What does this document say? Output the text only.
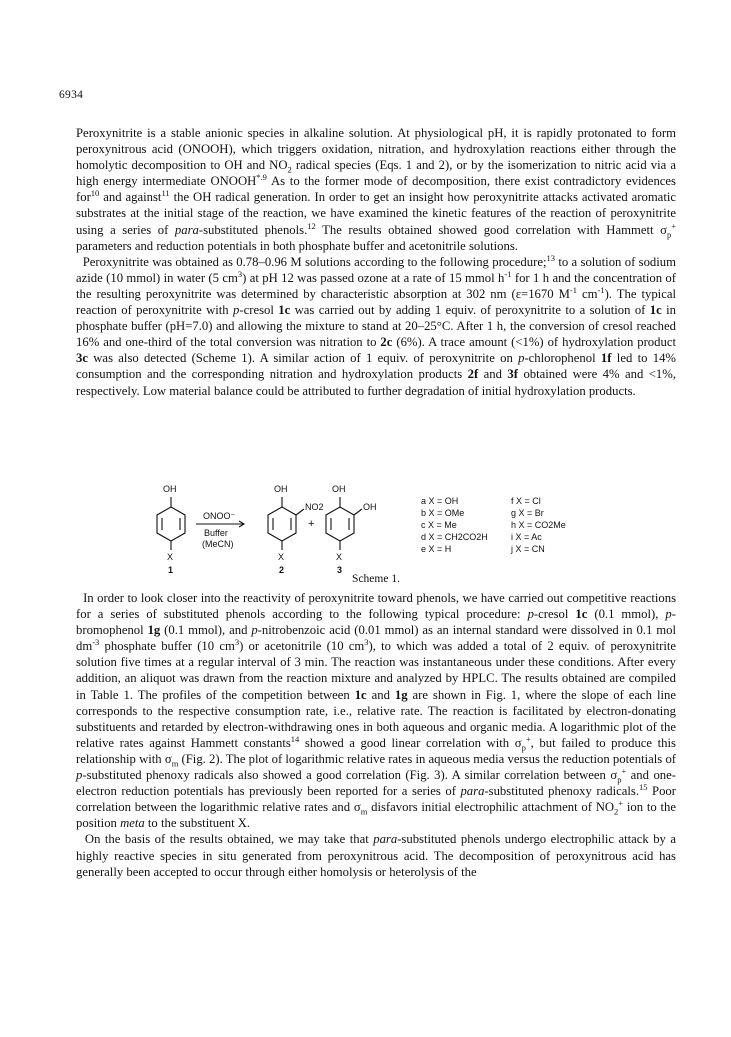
6934

Peroxynitrite is a stable anionic species in alkaline solution. At physiological pH, it is rapidly protonated to form peroxynitrous acid (ONOOH), which triggers oxidation, nitration, and hydroxylation reactions either through the homolytic decomposition to OH and $NO_2$ radical species (Eqs. 1 and 2), or by the isomerization to nitric acid via a high energy intermediate $ONOOH^{*.9}$ As to the former mode of decomposition, there exist contradictory evidences for$^{10}$ and against$^{11}$ the OH radical generation. In order to get an insight how peroxynitrite attacks activated aromatic substrates at the initial stage of the reaction, we have examined the kinetic features of the reaction of peroxynitrite using a series of para-substituted phenols.$^{12}$ The results obtained showed good correlation with Hammett $\sigma_p^+$ parameters and reduction potentials in both phosphate buffer and acetonitrile solutions.

Peroxynitrite was obtained as 0.78–0.96 M solutions according to the following procedure;$^{13}$ to a solution of sodium azide (10 mmol) in water (5 $cm^3$) at pH 12 was passed ozone at a rate of 15 mmol $h^{-1}$ for 1 h and the concentration of the resulting peroxynitrite was determined by characteristic absorption at 302 nm (ε=1670 $M^{-1}$ $cm^{-1}$). The typical reaction of peroxynitrite with p-cresol 1c was carried out by adding 1 equiv. of peroxynitrite to a solution of 1c in phosphate buffer (pH=7.0) and allowing the mixture to stand at 20–25°C. After 1 h, the conversion of cresol reached 16% and one-third of the total conversion was nitration to 2c (6%). A trace amount (<1%) of hydroxylation product 3c was also detected (Scheme 1). A similar action of 1 equiv. of peroxynitrite on p-chlorophenol 1f led to 14% consumption and the corresponding nitration and hydroxylation products 2f and 3f obtained were 4% and <1%, respectively. Low material balance could be attributed to further degradation of initial hydroxylation products.

OH	OH	OH
OH
NO2
ONOO⁻
Buffer
(MeCN)
+
X	X	X
1	2	3
a X = OH
b X = OMe
c X = Me
d X = CH2CO2H
e X = H
f X = Cl
g X = Br
h X = CO2Me
i X = Ac
j X = CN
Scheme 1.

In order to look closer into the reactivity of peroxynitrite toward phenols, we have carried out competitive reactions for a series of substituted phenols according to the following typical procedure: p-cresol 1c (0.1 mmol), p-bromophenol 1g (0.1 mmol), and p-nitrobenzoic acid (0.01 mmol) as an internal standard were dissolved in 0.1 mol $dm^{-3}$ phosphate buffer (10 $cm^3$) or acetonitrile (10 $cm^3$), to which was added a total of 2 equiv. of peroxynitrite solution five times at a regular interval of 3 min. The reaction was instantaneous under these conditions. After every addition, an aliquot was drawn from the reaction mixture and analyzed by HPLC. The results obtained are compiled in Table 1. The profiles of the competition between 1c and 1g are shown in Fig. 1, where the slope of each line corresponds to the respective consumption rate, i.e., relative rate. The reaction is facilitated by electron-donating substituents and retarded by electron-withdrawing ones in both aqueous and organic media. A logarithmic plot of the relative rates against Hammett constants$^{14}$ showed a good linear correlation with $\sigma_p^+$, but failed to produce this relationship with $\sigma_m$ (Fig. 2). The plot of logarithmic relative rates in aqueous media versus the reduction potentials of p-substituted phenoxy radicals also showed a good correlation (Fig. 3). A similar correlation between $\sigma_p^+$ and one-electron reduction potentials has previously been reported for a series of para-substituted phenoxy radicals.$^{15}$ Poor correlation between the logarithmic relative rates and $\sigma_m$ disfavors initial electrophilic attachment of $NO_2^+$ ion to the position meta to the substituent X.

On the basis of the results obtained, we may take that para-substituted phenols undergo electrophilic attack by a highly reactive species in situ generated from peroxynitrous acid. The decomposition of peroxynitrous acid has generally been accepted to occur through either homolysis or heterolysis of the
